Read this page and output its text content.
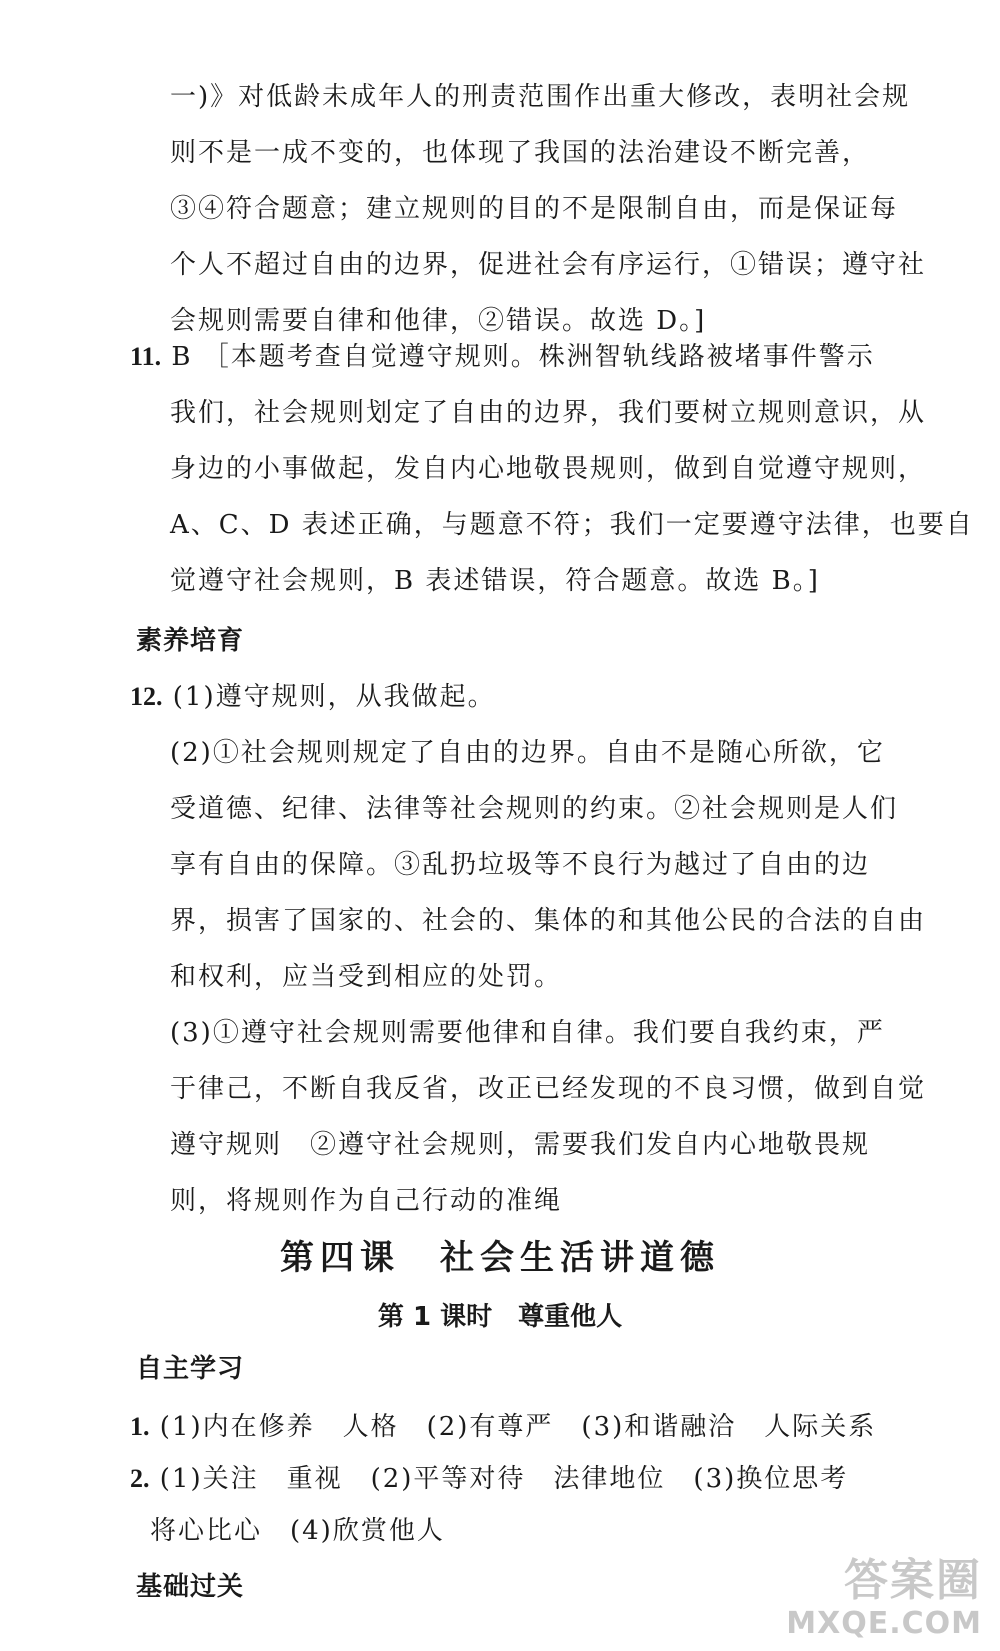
一)》对低龄未成年人的刑责范围作出重大修改，表明社会规
则不是一成不变的，也体现了我国的法治建设不断完善，
③④符合题意；建立规则的目的不是限制自由，而是保证每
个人不超过自由的边界，促进社会有序运行，①错误；遵守社
会规则需要自律和他律，②错误。故选 D。]
11. B ［本题考查自觉遵守规则。株洲智轨线路被堵事件警示
我们，社会规则划定了自由的边界，我们要树立规则意识，从
身边的小事做起，发自内心地敬畏规则，做到自觉遵守规则，
A、C、D 表述正确，与题意不符；我们一定要遵守法律，也要自
觉遵守社会规则，B 表述错误，符合题意。故选 B。]
素养培育
12. (1)遵守规则，从我做起。
(2)①社会规则规定了自由的边界。自由不是随心所欲，它
受道德、纪律、法律等社会规则的约束。②社会规则是人们
享有自由的保障。③乱扔垃圾等不良行为越过了自由的边
界，损害了国家的、社会的、集体的和其他公民的合法的自由
和权利，应当受到相应的处罚。
(3)①遵守社会规则需要他律和自律。我们要自我约束，严
于律己，不断自我反省，改正已经发现的不良习惯，做到自觉
遵守规则　②遵守社会规则，需要我们发自内心地敬畏规
则，将规则作为自己行动的准绳
第四课　社会生活讲道德
第 1 课时　尊重他人
自主学习
1. (1)内在修养　人格　(2)有尊严　(3)和谐融洽　人际关系
2. (1)关注　重视　(2)平等对待　法律地位　(3)换位思考
将心比心　(4)欣赏他人
基础过关	答案圈
MXQE.COM
